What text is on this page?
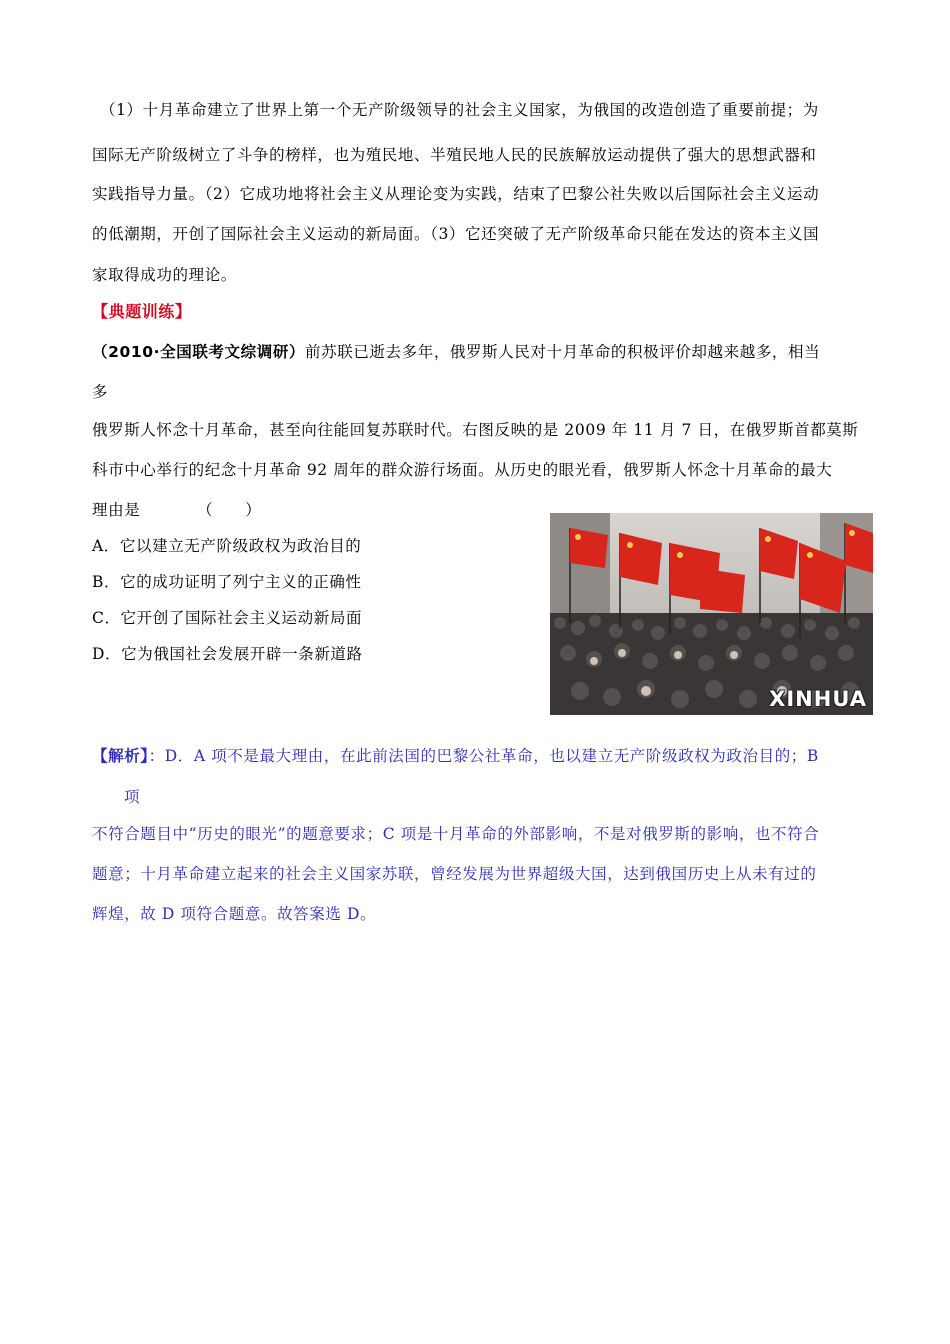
（1）十月革命建立了世界上第一个无产阶级领导的社会主义国家，为俄国的改造创造了重要前提；为
国际无产阶级树立了斗争的榜样，也为殖民地、半殖民地人民的民族解放运动提供了强大的思想武器和
实践指导力量。（2）它成功地将社会主义从理论变为实践，结束了巴黎公社失败以后国际社会主义运动
的低潮期，开创了国际社会主义运动的新局面。（3）它还突破了无产阶级革命只能在发达的资本主义国
家取得成功的理论。
【典题训练】
（2010·全国联考文综调研）前苏联已逝去多年，俄罗斯人民对十月革命的积极评价却越来越多，相当
多
俄罗斯人怀念十月革命，甚至向往能回复苏联时代。右图反映的是 2009 年 11 月 7 日，在俄罗斯首都莫斯
科市中心举行的纪念十月革命 92 周年的群众游行场面。从历史的眼光看，俄罗斯人怀念十月革命的最大
理由是　　　　（　　）
A．它以建立无产阶级政权为政治目的
B．它的成功证明了列宁主义的正确性
C．它开创了国际社会主义运动新局面
D．它为俄国社会发展开辟一条新道路
XINHUA
【解析】：D．A 项不是最大理由，在此前法国的巴黎公社革命，也以建立无产阶级政权为政治目的；B
项
不符合题目中“历史的眼光”的题意要求；C 项是十月革命的外部影响，不是对俄罗斯的影响，也不符合
题意；十月革命建立起来的社会主义国家苏联，曾经发展为世界超级大国，达到俄国历史上从未有过的
辉煌，故 D 项符合题意。故答案选 D。
